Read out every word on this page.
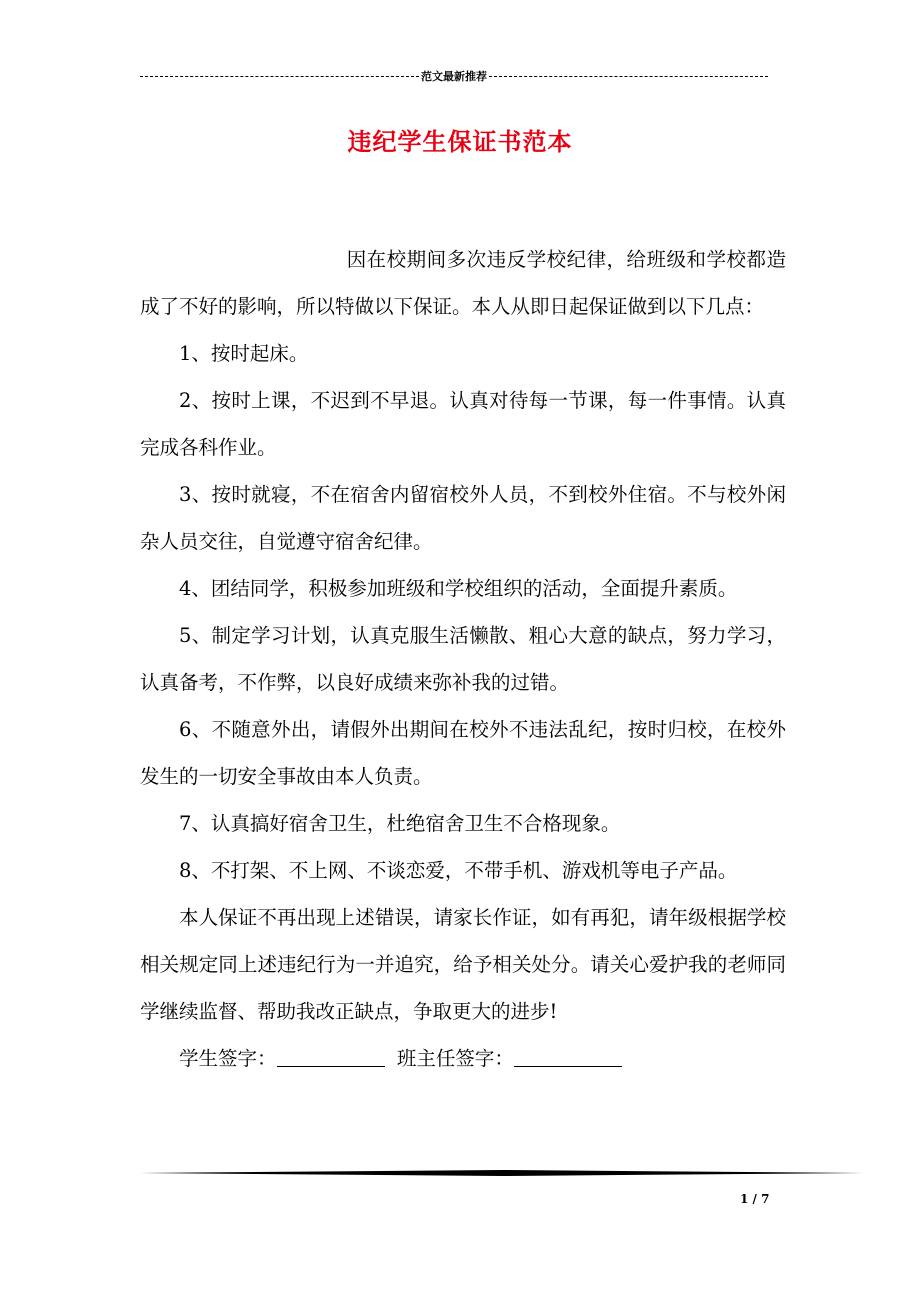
范文最新推荐
违纪学生保证书范本

因在校期间多次违反学校纪律，给班级和学校都造成了不好的影响，所以特做以下保证。本人从即日起保证做到以下几点：

1、按时起床。

2、按时上课，不迟到不早退。认真对待每一节课，每一件事情。认真完成各科作业。

3、按时就寝，不在宿舍内留宿校外人员，不到校外住宿。不与校外闲杂人员交往，自觉遵守宿舍纪律。

4、团结同学，积极参加班级和学校组织的活动，全面提升素质。

5、制定学习计划，认真克服生活懒散、粗心大意的缺点，努力学习，认真备考，不作弊，以良好成绩来弥补我的过错。

6、不随意外出，请假外出期间在校外不违法乱纪，按时归校，在校外发生的一切安全事故由本人负责。

7、认真搞好宿舍卫生，杜绝宿舍卫生不合格现象。

8、不打架、不上网、不谈恋爱，不带手机、游戏机等电子产品。

本人保证不再出现上述错误，请家长作证，如有再犯，请年级根据学校相关规定同上述违纪行为一并追究，给予相关处分。请关心爱护我的老师同学继续监督、帮助我改正缺点，争取更大的进步!

学生签字：	班主任签字：

1 / 7
